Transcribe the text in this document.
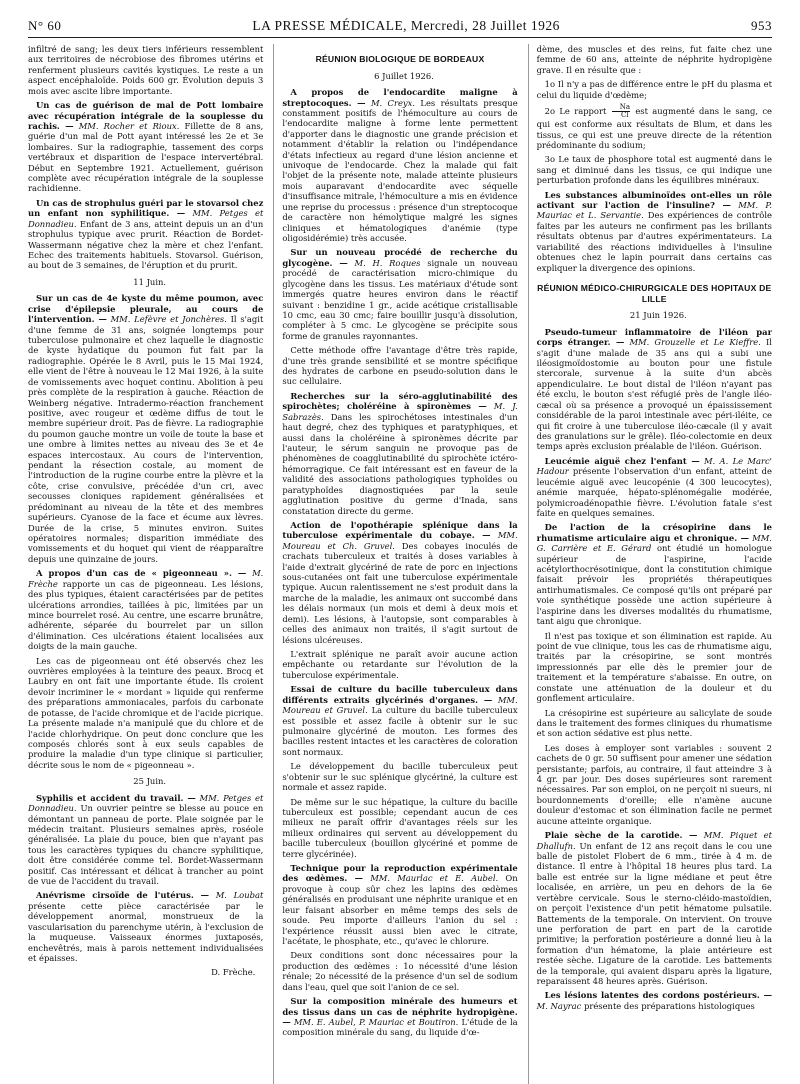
N° 60	LA PRESSE MÉDICALE, Mercredi, 28 Juillet 1926	953

infiltré de sang; les deux tiers inférieurs ressemblent aux territoires de nécrobiose des fibromes utérins et renferment plusieurs cavités kystiques. Le reste a un aspect encéphaloïde. Poids 600 gr. Évolution depuis 3 mois avec ascite libre importante.

Un cas de guérison de mal de Pott lombaire avec récupération intégrale de la souplesse du rachis. — MM. Rocher et Rioux. Fillette de 8 ans, guérie d'un mal de Pott ayant intéressé les 2e et 3e lombaires. Sur la radiographie, tassement des corps vertébraux et disparition de l'espace intervertébral. Début en Septembre 1921. Actuellement, guérison complète avec récupération intégrale de la souplesse rachidienne.

Un cas de strophulus guéri par le stovarsol chez un enfant non syphilitique. — MM. Petges et Donnadieu. Enfant de 3 ans, atteint depuis un an d'un strophulus typique avec prurit. Réaction de Bordet-Wassermann négative chez la mère et chez l'enfant. Echec des traitements habituels. Stovarsol. Guérison, au bout de 3 semaines, de l'éruption et du prurit.

11 Juin.

Sur un cas de 4e kyste du même poumon, avec crise d'épilepsie pleurale, au cours de l'intervention. — MM. Lefèvre et Jonchères. Il s'agit d'une femme de 31 ans, soignée longtemps pour tuberculose pulmonaire et chez laquelle le diagnostic de kyste hydatique du poumon fut fait par la radiographie. Opérée le 8 Avril, puis le 15 Mai 1924, elle vient de l'être à nouveau le 12 Mai 1926, à la suite de vomissements avec hoquet continu. Abolition à peu près complète de la respiration à gauche. Réaction de Weinberg négative. Intradermo-réaction franchement positive, avec rougeur et œdème diffus de tout le membre supérieur droit. Pas de fièvre. La radiographie du poumon gauche montre un voile de toute la base et une ombre à limites nettes au niveau des 3e et 4e espaces intercostaux. Au cours de l'intervention, pendant la résection costale, au moment de l'introduction de la rugine courbe entre la plèvre et la côte, crise convulsive, précédée d'un cri, avec secousses cloniques rapidement généralisées et prédominant au niveau de la tête et des membres supérieurs. Cyanose de la face et écume aux lèvres. Durée de la crise, 5 minutes environ. Suites opératoires normales; disparition immédiate des vomissements et du hoquet qui vient de réapparaître depuis une quinzaine de jours.

A propos d'un cas de « pigeonneau ». — M. Frèche rapporte un cas de pigeonneau. Les lésions, des plus typiques, étaient caractérisées par de petites ulcérations arrondies, taillées à pic, limitées par un mince bourrelet rosé. Au centre, une escarre brunâtre, adhérente, séparée du bourrelet par un sillon d'élimination. Ces ulcérations étaient localisées aux doigts de la main gauche.

Les cas de pigeonneau ont été observés chez les ouvrières employées à la teinture des peaux. Brocq et Laubry en ont fait une importante étude. Ils croient devoir incriminer le « mordant » liquide qui renferme des préparations ammoniacales, parfois du carbonate de potasse, de l'acide chromique et de l'acide picrique. La présente malade n'a manipulé que du chlore et de l'acide chlorhydrique. On peut donc conclure que les composés chlorés sont à eux seuls capables de produire la maladie d'un type clinique si particulier, décrite sous le nom de « pigeonneau ».

25 Juin.

Syphilis et accident du travail. — MM. Petges et Donnadieu. Un ouvrier peintre se blesse au pouce en démontant un panneau de porte. Plaie soignée par le médecin traitant. Plusieurs semaines après, roséole généralisée. La plaie du pouce, bien que n'ayant pas tous les caractères typiques du chancre syphilitique, doit être considérée comme tel. Bordet-Wassermann positif. Cas intéressant et délicat à trancher au point de vue de l'accident du travail.

Anévrisme cirsoïde de l'utérus. — M. Loubat présente cette pièce caractérisée par le développement anormal, monstrueux de la vascularisation du parenchyme utérin, à l'exclusion de la muqueuse. Vaisseaux énormes juxtaposés, enchevêtrés, mais à parois nettement individualisées et épaisses.

D. Frèche.
RÉUNION BIOLOGIQUE DE BORDEAUX

6 Juillet 1926.

A propos de l'endocardite maligne à streptocoques. — M. Creyx. Les résultats presque constamment positifs de l'hémoculture au cours de l'endocardite maligne à forme lente permettent d'apporter dans le diagnostic une grande précision et notamment d'établir la relation ou l'indépendance d'états infectieux au regard d'une lésion ancienne et univoque de l'endocarde. Chez la malade qui fait l'objet de la présente note, malade atteinte plusieurs mois auparavant d'endocardite avec séquelle d'insuffisance mitrale, l'hémoculture a mis en évidence une reprise du processus : présence d'un streptocoque de caractère non hémolytique malgré les signes cliniques et hématologiques d'anémie (type oligosidérémie) très accusée.

Sur un nouveau procédé de recherche du glycogène. — M. H. Roques signale un nouveau procédé de caractérisation micro-chimique du glycogène dans les tissus. Les matériaux d'étude sont immergés quatre heures environ dans le réactif suivant : benzidine 1 gr., acide acétique cristallisable 10 cmc, eau 30 cmc; faire bouillir jusqu'à dissolution, compléter à 5 cmc. Le glycogène se précipite sous forme de granules rayonnantes.

Cette méthode offre l'avantage d'être très rapide, d'une très grande sensibilité et se montre spécifique des hydrates de carbone en pseudo-solution dans le suc cellulaire.

Recherches sur la séro-agglutinabilité des spirochètes; choléréine à spironèmes — M. J. Sabrazès. Dans les spirochétoses intestinales d'un haut degré, chez des typhiques et paratyphiques, et aussi dans la choléréine à spironèmes décrite par l'auteur, le sérum sanguin ne provoque pas de phénomènes de coagglutinabilité du spirochète ictéro-hémorragique. Ce fait intéressant est en faveur de la validité des associations pathologiques typhoïdes ou paratyphoïdes diagnostiquées par la seule agglutination positive du germe d'Inada, sans constatation directe du germe.

Action de l'opothérapie splénique dans la tuberculose expérimentale du cobaye. — MM. Moureau et Ch. Gruvel. Des cobayes inoculés de crachats tuberculeux et traités à doses variables à l'aide d'extrait glycériné de rate de porc en injections sous-cutanées ont fait une tuberculose expérimentale typique. Aucun ralentissement ne s'est produit dans la marche de la maladie, les animaux ont succombé dans les délais normaux (un mois et demi à deux mois et demi). Les lésions, à l'autopsie, sont comparables à celles des animaux non traités, il s'agit surtout de lésions ulcéreuses.

L'extrait splénique ne paraît avoir aucune action empêchante ou retardante sur l'évolution de la tuberculose expérimentale.

Essai de culture du bacille tuberculeux dans différents extraits glycérinés d'organes. — MM. Moureau et Gruvel. La culture du bacille tuberculeux est possible et assez facile à obtenir sur le suc pulmonaire glycériné de mouton. Les formes des bacilles restent intactes et les caractères de coloration sont normaux.

Le développement du bacille tuberculeux peut s'obtenir sur le suc splénique glycériné, la culture est normale et assez rapide.

De même sur le suc hépatique, la culture du bacille tuberculeux est possible; cependant aucun de ces milieux ne paraît offrir d'avantages réels sur les milieux ordinaires qui servent au développement du bacille tuberculeux (bouillon glycériné et pomme de terre glycérinée).

Technique pour la reproduction expérimentale des œdèmes. — MM. Maurlac et E. Aubel. On provoque à coup sûr chez les lapins des œdèmes généralisés en produisant une néphrite uranique et en leur faisant absorber en même temps des sels de soude. Peu importe d'ailleurs l'anion du sel : l'expérience réussit aussi bien avec le citrate, l'acétate, le phosphate, etc., qu'avec le chlorure.

Deux conditions sont donc nécessaires pour la production des œdèmes : 1o nécessité d'une lésion rénale; 2o nécessité de la présence d'un sel de sodium dans l'eau, quel que soit l'anion de ce sel.

Sur la composition minérale des humeurs et des tissus dans un cas de néphrite hydropigène. — MM. E. Aubel, P. Mauriac et Boutiron. L'étude de la composition minérale du sang, du liquide d'œ-

dème, des muscles et des reins, fut faite chez une femme de 60 ans, atteinte de néphrite hydropigène grave. Il en résulte que :

1o Il n'y a pas de différence entre le pH du plasma et celui du liquide d'œdème;

2o Le rapport $\frac{Na}{Cl}$ est augmenté dans le sang, ce qui est conforme aux résultats de Blum, et dans les tissus, ce qui est une preuve directe de la rétention prédominante du sodium;

3o Le taux de phosphore total est augmenté dans le sang et diminué dans les tissus, ce qui indique une perturbation profonde dans les équilibres minéraux.

Les substances albuminoïdes ont-elles un rôle activant sur l'action de l'insuline? — MM. P. Mauriac et L. Servantie. Des expériences de contrôle faites par les auteurs ne confirment pas les brillants résultats obtenus par d'autres expérimentateurs. La variabilité des réactions individuelles à l'insuline obtenues chez le lapin pourrait dans certains cas expliquer la divergence des opinions.

RÉUNION MÉDICO-CHIRURGICALE DES HOPITAUX DE LILLE

21 Juin 1926.

Pseudo-tumeur inflammatoire de l'iléon par corps étranger. — MM. Grouzelle et Le Kieffre. Il s'agit d'une malade de 35 ans qui a subi une iléosigmoïdostomie au bouton pour une fistule stercorale, survenue à la suite d'un abcès appendiculaire. Le bout distal de l'iléon n'ayant pas été exclu, le bouton s'est réfugié près de l'angle iléo-cæcal où sa présence a provoqué un épaississement considérable de la paroi intestinale avec péri-iléite, ce qui fit croire à une tuberculose iléo-cæcale (il y avait des granulations sur le grêle). Iléo-colectomie en deux temps après exclusion préalable de l'iléon. Guérison.

Leucémie aiguë chez l'enfant — M. A. Le Marc' Hadour présente l'observation d'un enfant, atteint de leucémie aiguë avec leucopénie (4 300 leucocytes), anémie marquée, hépato-splénomégalie modérée, polymicroadénopathie fièvre. L'évolution fatale s'est faite en quelques semaines.

De l'action de la crésopirine dans le rhumatisme articulaire aigu et chronique. — MM. G. Carrière et E. Gérard ont étudié un homologue supérieur de l'aspirine, l'acide acétylorthocrésotinique, dont la constitution chimique faisait prévoir les propriétés thérapeutiques antirhumatismales. Ce composé qu'ils ont préparé par voie synthétique possède une action supérieure à l'aspirine dans les diverses modalités du rhumatisme, tant aigu que chronique.

Il n'est pas toxique et son élimination est rapide. Au point de vue clinique, tous les cas de rhumatisme aigu, traités par la crésopirine, se sont montrés impressionnés par elle dès le premier jour de traitement et la température s'abaisse. En outre, on constate une atténuation de la douleur et du gonflement articulaire.

La crésopirine est supérieure au salicylate de soude dans le traitement des formes cliniques du rhumatisme et son action sédative est plus nette.

Les doses à employer sont variables : souvent 2 cachets de 0 gr. 50 suffisent pour amener une sédation persistante; parfois, au contraire, il faut atteindre 3 à 4 gr. par jour. Des doses supérieures sont rarement nécessaires. Par son emploi, on ne perçoit ni sueurs, ni bourdonnements d'oreille; elle n'amène aucune douleur d'estomac et son élimination facile ne permet aucune atteinte organique.

Plaie sèche de la carotide. — MM. Piquet et Dhallufn. Un enfant de 12 ans reçoit dans le cou une balle de pistolet Flobert de 6 mm., tirée à 4 m. de distance. Il entre à l'hôpital 18 heures plus tard. La balle est entrée sur la ligne médiane et peut être localisée, en arrière, un peu en dehors de la 6e vertèbre cervicale. Sous le sterno-cléido-mastoïdien, on perçoit l'existence d'un petit hématome pulsatile. Battements de la temporale. On intervient. On trouve une perforation de part en part de la carotide primitive; la perforation postérieure a donné lieu à la formation d'un hématome, la plaie antérieure est restée sèche. Ligature de la carotide. Les battements de la temporale, qui avaient disparu après la ligature, reparaissent 48 heures après. Guérison.

Les lésions latentes des cordons postérieurs. — M. Nayrac présente des préparations histologiques
